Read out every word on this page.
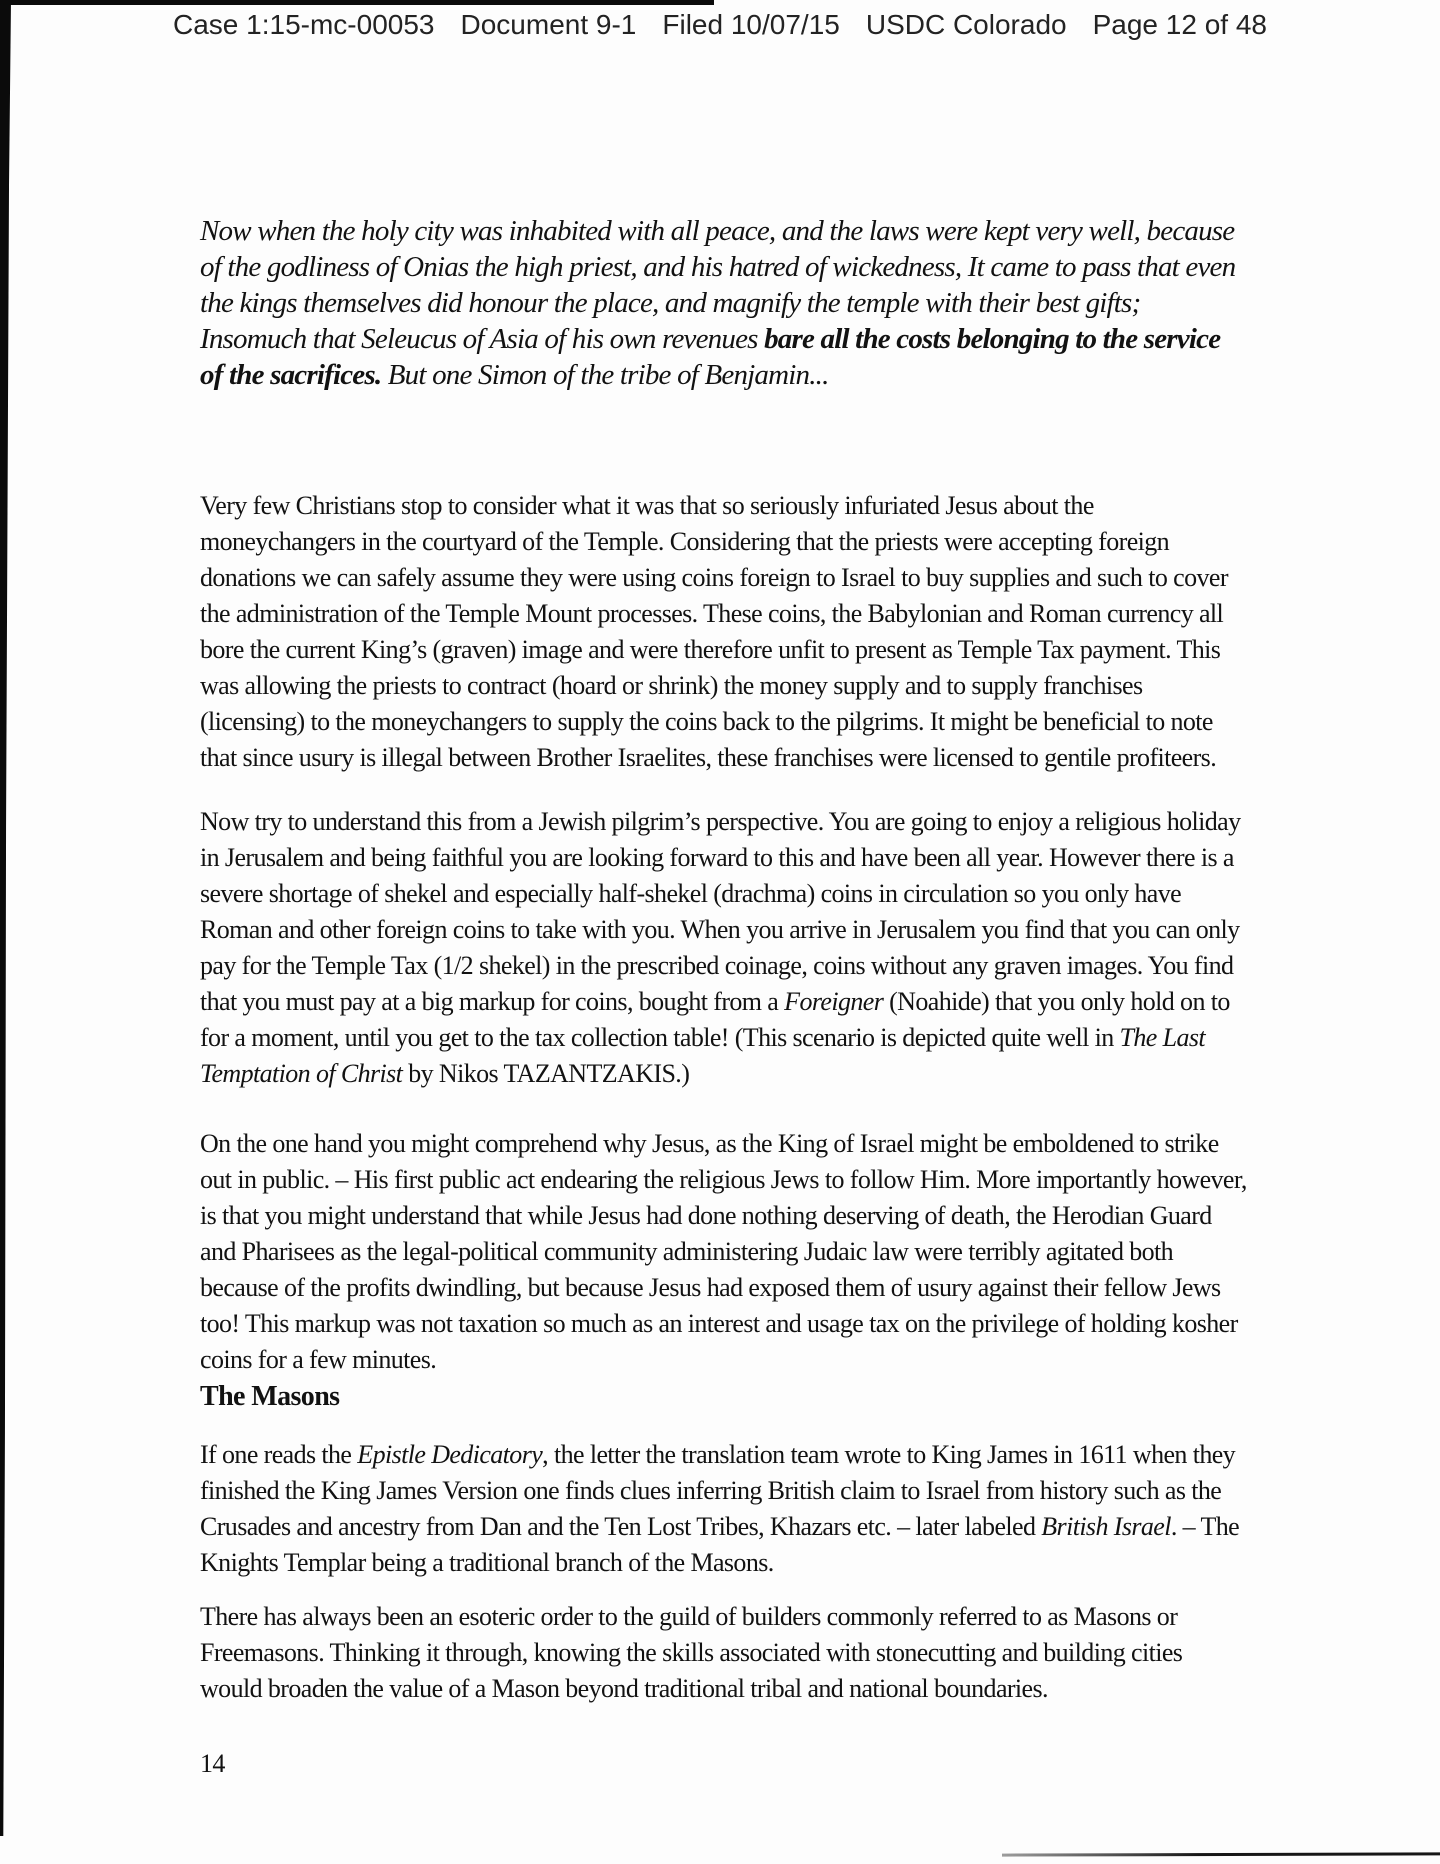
Case 1:15-mc-00053 Document 9-1 Filed 10/07/15 USDC Colorado Page 12 of 48
Now when the holy city was inhabited with all peace, and the laws were kept very well, because of the godliness of Onias the high priest, and his hatred of wickedness, It came to pass that even the kings themselves did honour the place, and magnify the temple with their best gifts; Insomuch that Seleucus of Asia of his own revenues bare all the costs belonging to the service of the sacrifices. But one Simon of the tribe of Benjamin...
Very few Christians stop to consider what it was that so seriously infuriated Jesus about the moneychangers in the courtyard of the Temple. Considering that the priests were accepting foreign donations we can safely assume they were using coins foreign to Israel to buy supplies and such to cover the administration of the Temple Mount processes. These coins, the Babylonian and Roman currency all bore the current King’s (graven) image and were therefore unfit to present as Temple Tax payment. This was allowing the priests to contract (hoard or shrink) the money supply and to supply franchises (licensing) to the moneychangers to supply the coins back to the pilgrims. It might be beneficial to note that since usury is illegal between Brother Israelites, these franchises were licensed to gentile profiteers.
Now try to understand this from a Jewish pilgrim’s perspective. You are going to enjoy a religious holiday in Jerusalem and being faithful you are looking forward to this and have been all year. However there is a severe shortage of shekel and especially half-shekel (drachma) coins in circulation so you only have Roman and other foreign coins to take with you. When you arrive in Jerusalem you find that you can only pay for the Temple Tax (1/2 shekel) in the prescribed coinage, coins without any graven images. You find that you must pay at a big markup for coins, bought from a Foreigner (Noahide) that you only hold on to for a moment, until you get to the tax collection table! (This scenario is depicted quite well in The Last Temptation of Christ by Nikos TAZANTZAKIS.)
On the one hand you might comprehend why Jesus, as the King of Israel might be emboldened to strike out in public. – His first public act endearing the religious Jews to follow Him. More importantly however, is that you might understand that while Jesus had done nothing deserving of death, the Herodian Guard and Pharisees as the legal-political community administering Judaic law were terribly agitated both because of the profits dwindling, but because Jesus had exposed them of usury against their fellow Jews too! This markup was not taxation so much as an interest and usage tax on the privilege of holding kosher coins for a few minutes.
The Masons
If one reads the Epistle Dedicatory, the letter the translation team wrote to King James in 1611 when they finished the King James Version one finds clues inferring British claim to Israel from history such as the Crusades and ancestry from Dan and the Ten Lost Tribes, Khazars etc. – later labeled British Israel. – The Knights Templar being a traditional branch of the Masons.
There has always been an esoteric order to the guild of builders commonly referred to as Masons or Freemasons. Thinking it through, knowing the skills associated with stonecutting and building cities would broaden the value of a Mason beyond traditional tribal and national boundaries.
14
